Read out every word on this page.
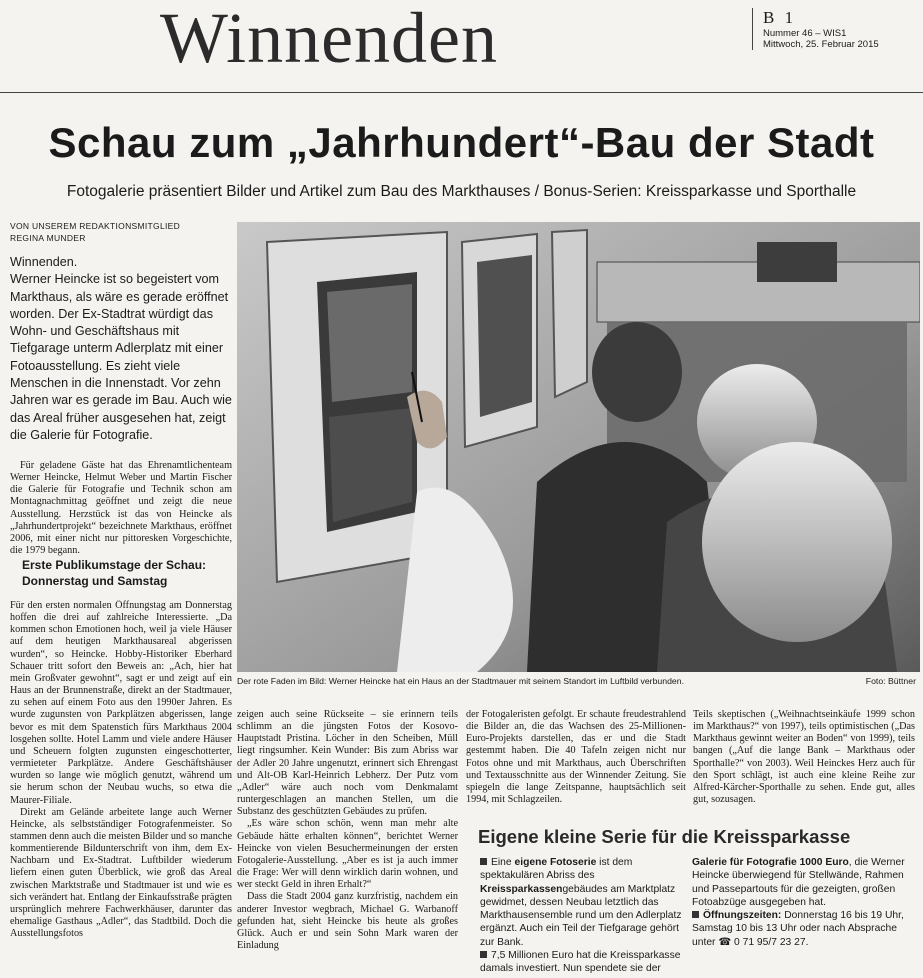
Winnenden	B 1
Nummer 46 – WIS1
Mittwoch, 25. Februar 2015
Schau zum „Jahrhundert“-Bau der Stadt
Fotogalerie präsentiert Bilder und Artikel zum Bau des Markthauses / Bonus-Serien: Kreissparkasse und Sporthalle
VON UNSEREM REDAKTIONSMITGLIED
REGINA MUNDER
Winnenden.
Werner Heincke ist so begeistert vom Markthaus, als wäre es gerade eröffnet worden. Der Ex-Stadtrat würdigt das Wohn- und Geschäftshaus mit Tiefgarage unterm Adlerplatz mit einer Fotoausstellung. Es zieht viele Menschen in die Innenstadt. Vor zehn Jahren war es gerade im Bau. Auch wie das Areal früher ausgesehen hat, zeigt die Galerie für Fotografie.

Für geladene Gäste hat das Ehrenamtlichenteam Werner Heincke, Helmut Weber und Martin Fischer die Galerie für Fotografie und Technik schon am Montagnachmittag geöffnet und zeigt die neue Ausstellung. Herzstück ist das von Heincke als „Jahrhundertprojekt“ bezeichnete Markthaus, eröffnet 2006, mit einer nicht nur pittoresken Vorgeschichte, die 1979 begann.

Erste Publikumstage der Schau: Donnerstag und Samstag

Für den ersten normalen Öffnungstag am Donnerstag hoffen die drei auf zahlreiche Interessierte. „Da kommen schon Emotionen hoch, weil ja viele Häuser auf dem heutigen Markthausareal abgerissen wurden“, so Heincke. Hobby-Historiker Eberhard Schauer tritt sofort den Beweis an: „Ach, hier hat mein Großvater gewohnt“, sagt er und zeigt auf ein Haus an der Brunnenstraße, direkt an der Stadtmauer, zu sehen auf einem Foto aus den 1990er Jahren. Es wurde zugunsten von Parkplätzen abgerissen, lange bevor es mit dem Spatenstich fürs Markthaus 2004 losgehen sollte. Hotel Lamm und viele andere Häuser und Scheuern folgten zugunsten eingeschotterter, vermieteter Parkplätze. Andere Geschäftshäuser wurden so lange wie möglich genutzt, während um sie herum schon der Neubau wuchs, so etwa die Maurer-Filiale.

Direkt am Gelände arbeitete lange auch Werner Heincke, als selbstständiger Fotografenmeister. So stammen denn auch die meisten Bilder und so manche kommentierende Bildunterschrift von ihm, dem Ex-Nachbarn und Ex-Stadtrat. Luftbilder wiederum liefern einen guten Überblick, wie groß das Areal zwischen Marktstraße und Stadtmauer ist und wie es sich verändert hat. Entlang der Einkaufsstraße prägten ursprünglich mehrere Fachwerkhäuser, darunter das ehemalige Gasthaus „Adler“, das Stadtbild. Doch die Ausstellungsfotos

Der rote Faden im Bild: Werner Heincke hat ein Haus an der Stadtmauer mit seinem Standort im Luftbild verbunden.	Foto: Büttner

zeigen auch seine Rückseite – sie erinnern teils schlimm an die jüngsten Fotos der Kosovo-Hauptstadt Pristina. Löcher in den Scheiben, Müll liegt ringsumher. Kein Wunder: Bis zum Abriss war der Adler 20 Jahre ungenutzt, erinnert sich Ehrengast und Alt-OB Karl-Heinrich Lebherz. Der Putz vom „Adler“ wäre auch noch vom Denkmalamt runtergeschlagen an manchen Stellen, um die Substanz des geschützten Gebäudes zu prüfen.

„Es wäre schon schön, wenn man mehr alte Gebäude hätte erhalten können“, berichtet Werner Heincke von vielen Besuchermeinungen der ersten Fotogalerie-Ausstellung. „Aber es ist ja auch immer die Frage: Wer will denn wirklich darin wohnen, und wer steckt Geld in ihren Erhalt?“

Dass die Stadt 2004 ganz kurzfristig, nachdem ein anderer Investor wegbrach, Michael G. Warbanoff gefunden hat, sieht Heincke bis heute als großes Glück. Auch er und sein Sohn Mark waren der Einladung

der Fotogaleristen gefolgt. Er schaute freudestrahlend die Bilder an, die das Wachsen des 25-Millionen-Euro-Projekts darstellen, das er und die Stadt gestemmt haben. Die 40 Tafeln zeigen nicht nur Fotos ohne und mit Markthaus, auch Überschriften und Textausschnitte aus der Winnender Zeitung. Sie spiegeln die lange Zeitspanne, hauptsächlich seit 1994, mit Schlagzeilen.

Teils skeptischen („Weihnachtseinkäufe 1999 schon im Markthaus?“ von 1997), teils optimistischen („Das Markthaus gewinnt weiter an Boden“ von 1999), teils bangen („Auf die lange Bank – Markthaus oder Sporthalle?“ von 2003). Weil Heinckes Herz auch für den Sport schlägt, ist auch eine kleine Reihe zur Alfred-Kärcher-Sporthalle zu sehen. Ende gut, alles gut, sozusagen.

Eigene kleine Serie für die Kreissparkasse
Eine eigene Fotoserie ist dem spektakulären Abriss des Kreissparkassengebäudes am Marktplatz gewidmet, dessen Neubau letztlich das Markthausensemble rund um den Adlerplatz ergänzt. Auch ein Teil der Tiefgarage gehört zur Bank.
7,5 Millionen Euro hat die Kreissparkasse damals investiert. Nun spendete sie der
Galerie für Fotografie 1000 Euro, die Werner Heincke überwiegend für Stellwände, Rahmen und Passepartouts für die gezeigten, großen Fotoabzüge ausgegeben hat.
Öffnungszeiten: Donnerstag 16 bis 19 Uhr, Samstag 10 bis 13 Uhr oder nach Absprache unter ☎ 0 71 95/7 23 27.
